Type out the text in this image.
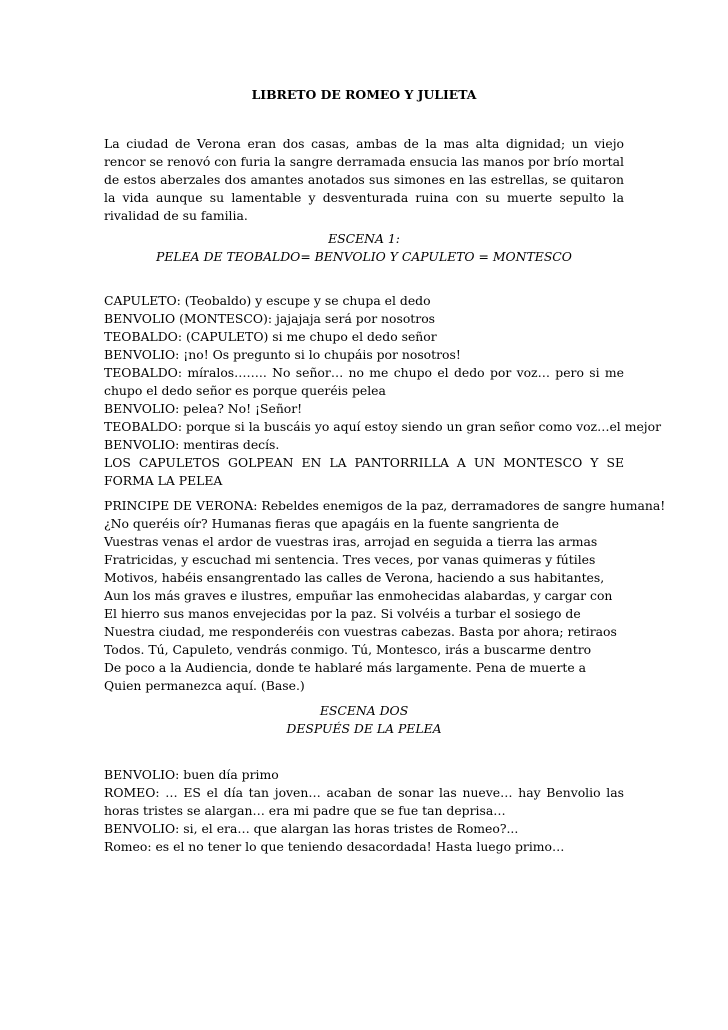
LIBRETO DE ROMEO Y JULIETA

La ciudad de Verona eran dos casas, ambas de la mas alta dignidad; un viejo rencor se renovó con furia la sangre derramada ensucia las manos por brío mortal de estos aberzales dos amantes anotados sus simones en las estrellas, se quitaron la vida aunque su lamentable y desventurada ruina con su muerte sepulto la rivalidad de su familia.

ESCENA 1:

PELEA DE TEOBALDO= BENVOLIO Y CAPULETO = MONTESCO

CAPULETO: (Teobaldo) y escupe y se chupa el dedo
BENVOLIO (MONTESCO): jajajaja será por nosotros
TEOBALDO: (CAPULETO) si me chupo el dedo señor
BENVOLIO: ¡no! Os pregunto si lo chupáis por nosotros!
TEOBALDO: míralos…….. No señor… no me chupo el dedo por voz… pero si me chupo el dedo señor es porque queréis pelea
BENVOLIO: pelea? No! ¡Señor!
TEOBALDO: porque si la buscáis yo aquí estoy siendo un gran señor como voz…el mejor
BENVOLIO: mentiras decís.

LOS CAPULETOS GOLPEAN EN LA PANTORRILLA A UN MONTESCO Y SE FORMA LA PELEA

PRINCIPE DE VERONA: Rebeldes enemigos de la paz, derramadores de sangre humana!
¿No queréis oír? Humanas fieras que apagáis en la fuente sangrienta de
Vuestras venas el ardor de vuestras iras, arrojad en seguida a tierra las armas
Fratricidas, y escuchad mi sentencia. Tres veces, por vanas quimeras y fútiles
Motivos, habéis ensangrentado las calles de Verona, haciendo a sus habitantes,
Aun los más graves e ilustres, empuñar las enmohecidas alabardas, y cargar con
El hierro sus manos envejecidas por la paz. Si volvéis a turbar el sosiego de
Nuestra ciudad, me responderéis con vuestras cabezas. Basta por ahora; retiraos
Todos. Tú, Capuleto, vendrás conmigo. Tú, Montesco, irás a buscarme dentro
De poco a la Audiencia, donde te hablaré más largamente. Pena de muerte a
Quien permanezca aquí. (Base.)

ESCENA DOS

DESPUÉS DE LA PELEA

BENVOLIO: buen día primo
ROMEO: … ES el día tan joven… acaban de sonar las nueve… hay Benvolio las horas tristes se alargan… era mi padre que se fue tan deprisa…
BENVOLIO: si, el era… que alargan las horas tristes de Romeo?...
Romeo: es el no tener lo que teniendo desacordada! Hasta luego primo…
